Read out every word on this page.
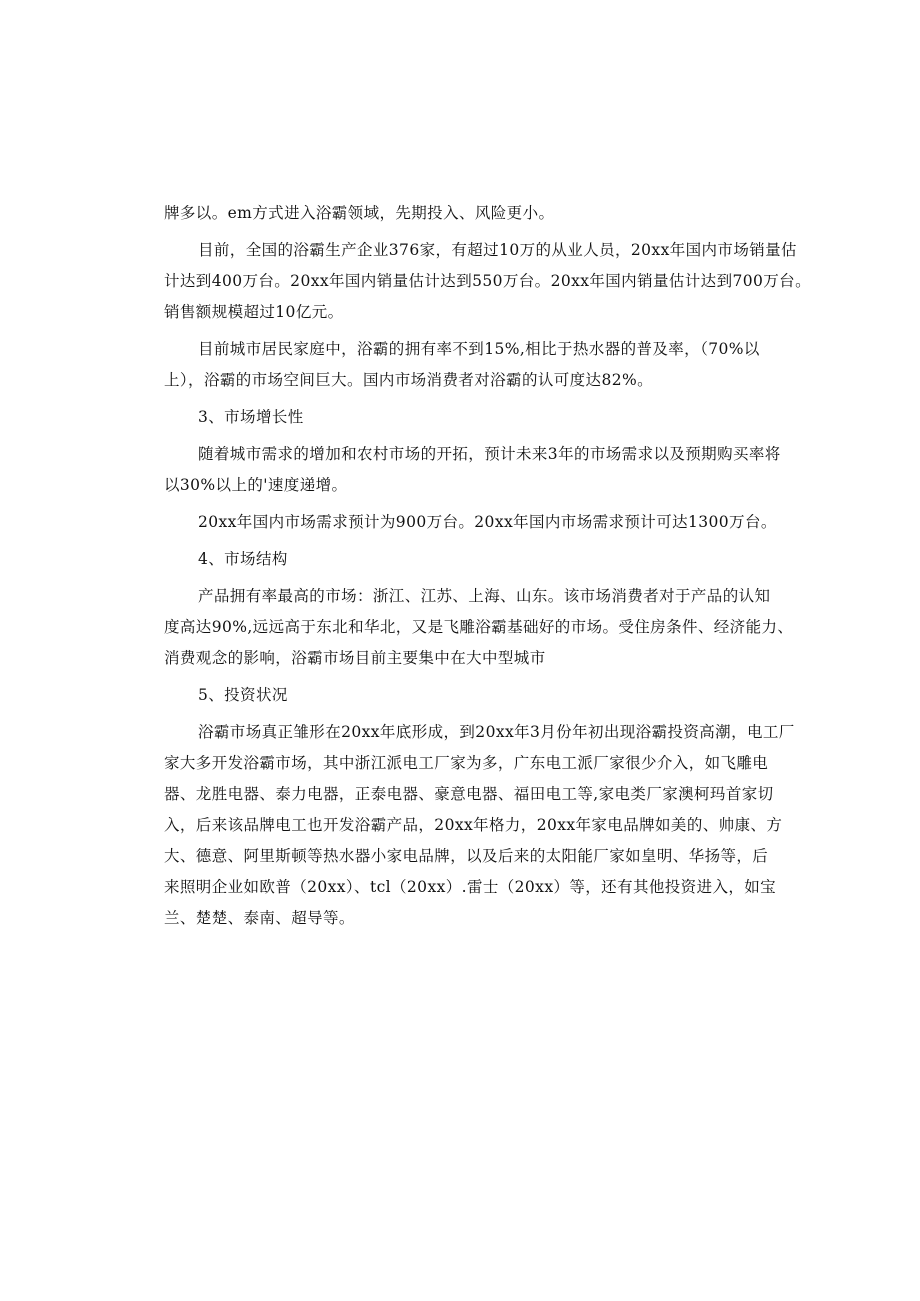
牌多以。em方式进入浴霸领域，先期投入、风险更小。
目前，全国的浴霸生产企业376家，有超过10万的从业人员，20xx年国内市场销量估
计达到400万台。20xx年国内销量估计达到550万台。20xx年国内销量估计达到700万台。
销售额规模超过10亿元。
目前城市居民家庭中，浴霸的拥有率不到15%,相比于热水器的普及率，（70%以
上），浴霸的市场空间巨大。国内市场消费者对浴霸的认可度达82%。
3、市场增长性
随着城市需求的增加和农村市场的开拓，预计未来3年的市场需求以及预期购买率将
以30%以上的'速度递增。
20xx年国内市场需求预计为900万台。20xx年国内市场需求预计可达1300万台。
4、市场结构
产品拥有率最高的市场：浙江、江苏、上海、山东。该市场消费者对于产品的认知
度高达90%,远远高于东北和华北，又是飞雕浴霸基础好的市场。受住房条件、经济能力、
消费观念的影响，浴霸市场目前主要集中在大中型城市
5、投资状况
浴霸市场真正雏形在20xx年底形成，到20xx年3月份年初出现浴霸投资高潮，电工厂
家大多开发浴霸市场，其中浙江派电工厂家为多，广东电工派厂家很少介入，如飞雕电
器、龙胜电器、泰力电器，正泰电器、豪意电器、福田电工等,家电类厂家澳柯玛首家切
入，后来该品牌电工也开发浴霸产品，20xx年格力，20xx年家电品牌如美的、帅康、方
大、德意、阿里斯顿等热水器小家电品牌，以及后来的太阳能厂家如皇明、华扬等，后
来照明企业如欧普（20xx）、tcl（20xx）.雷士（20xx）等，还有其他投资进入，如宝
兰、楚楚、泰南、超导等。
